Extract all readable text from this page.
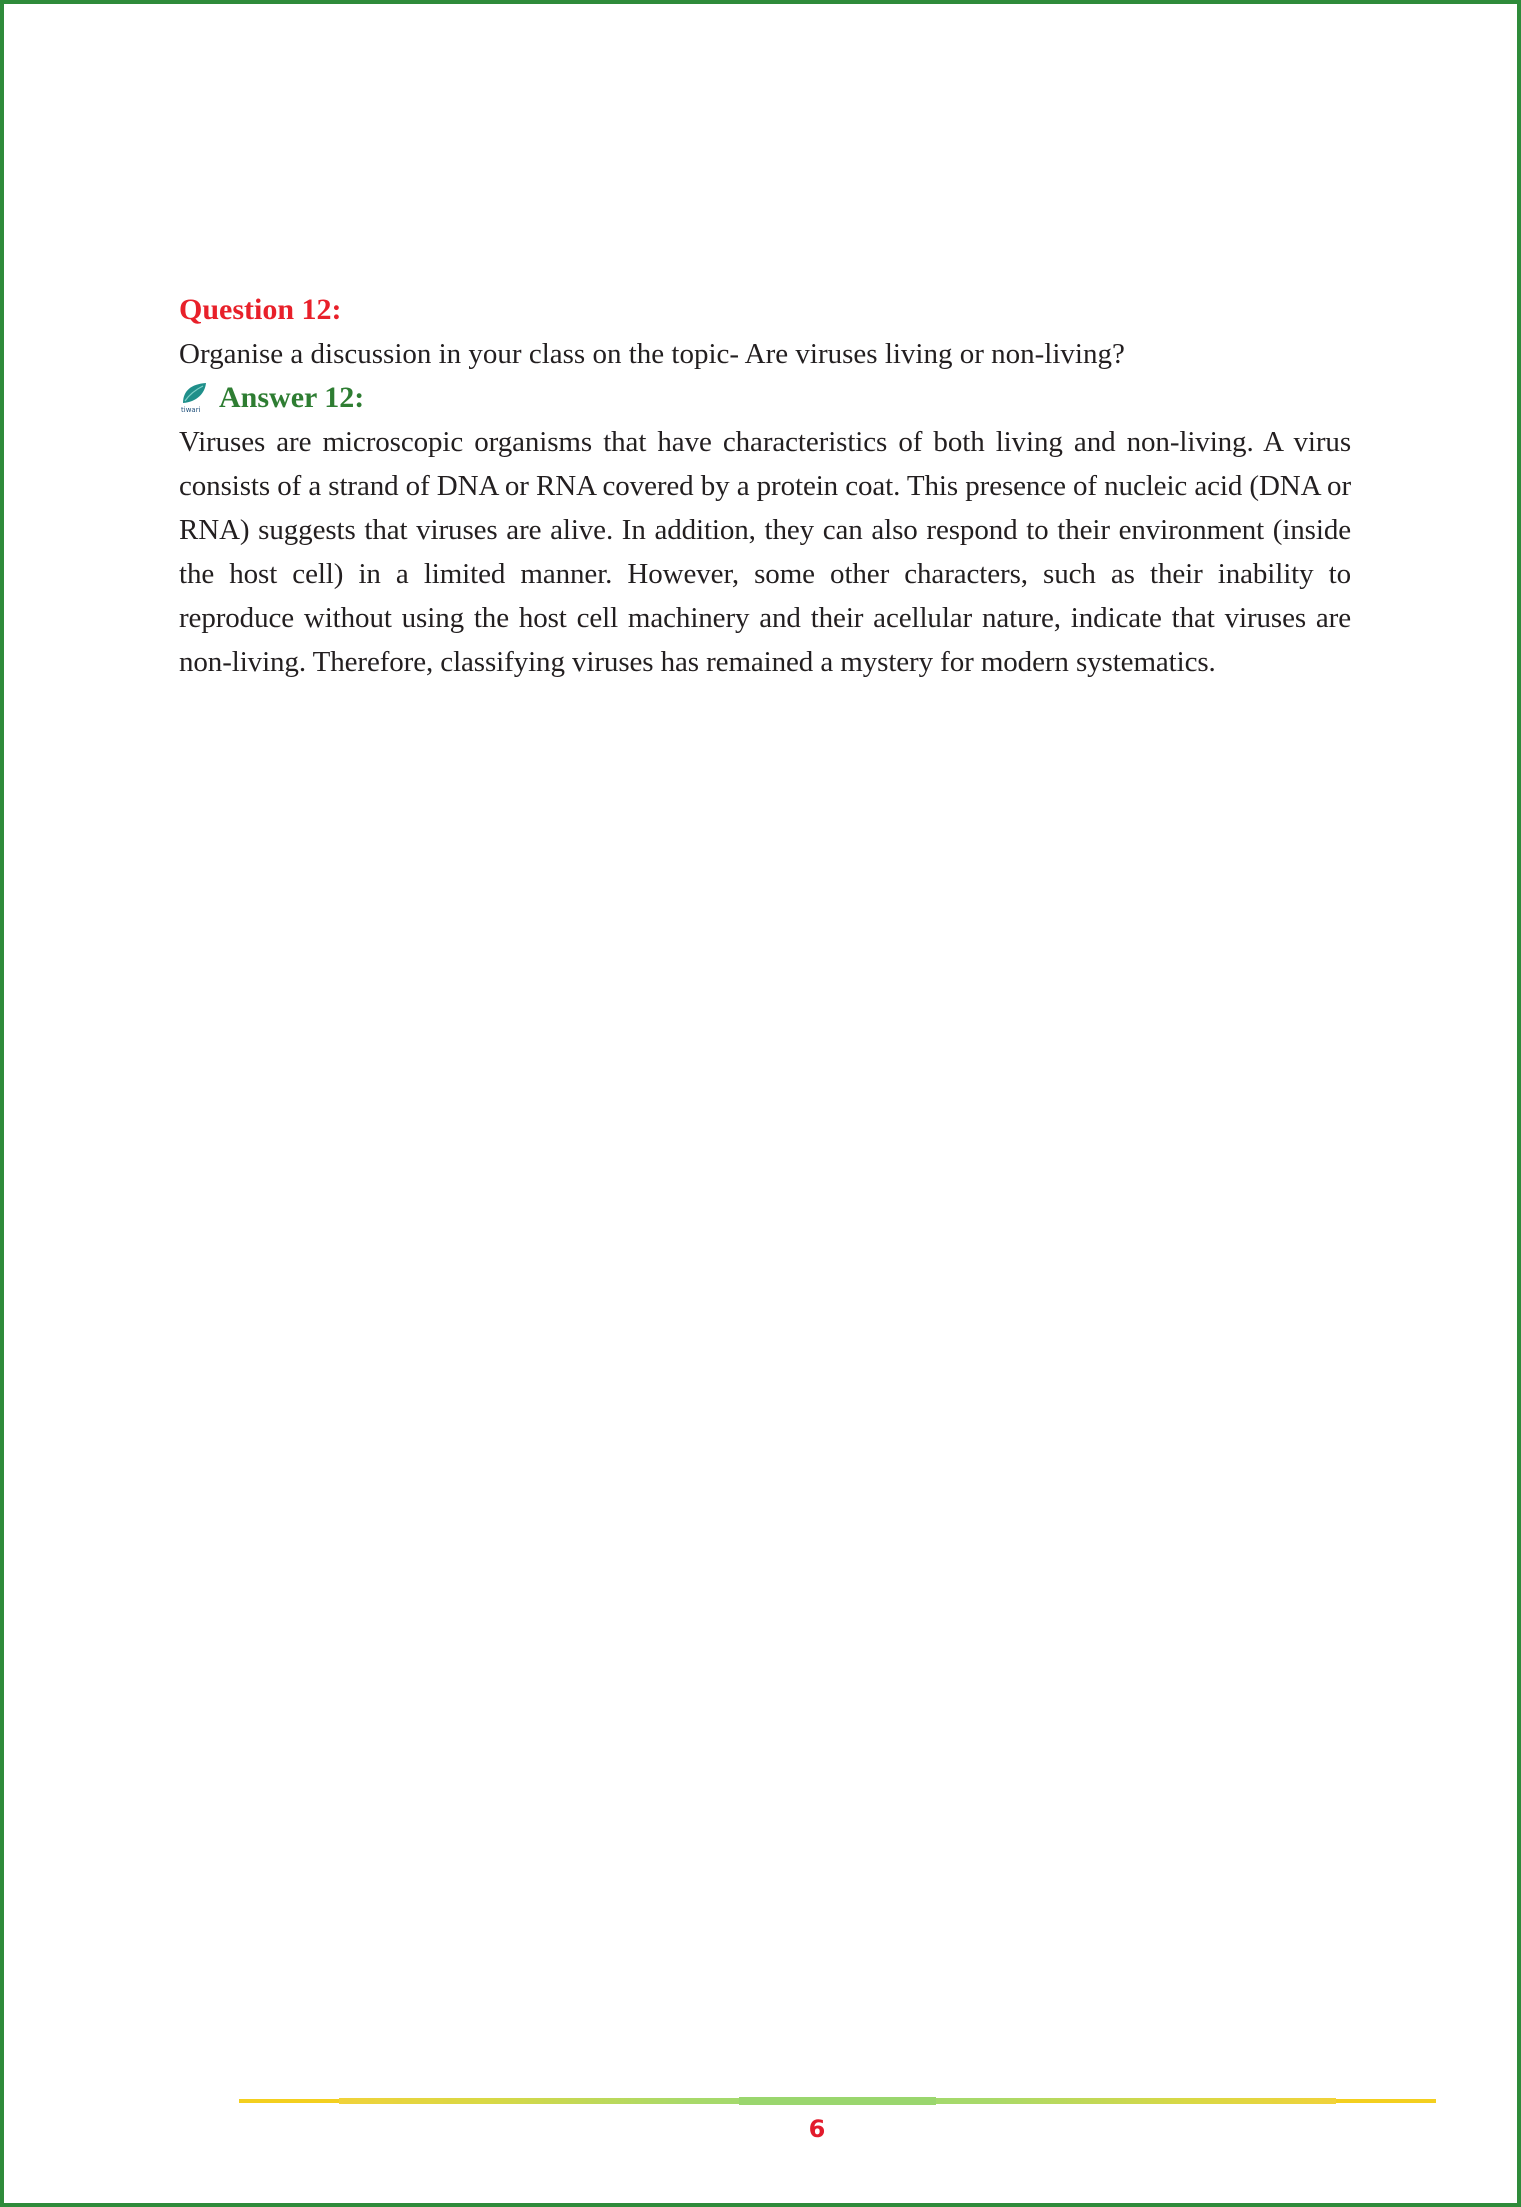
Question 12:

Organise a discussion in your class on the topic- Are viruses living or non-living?

tiwari Answer 12:

Viruses are microscopic organisms that have characteristics of both living and non-living. A virus consists of a strand of DNA or RNA covered by a protein coat. This presence of nucleic acid (DNA or RNA) suggests that viruses are alive. In addition, they can also respond to their environment (inside the host cell) in a limited manner. However, some other characters, such as their inability to reproduce without using the host cell machinery and their acellular nature, indicate that viruses are non-living. Therefore, classifying viruses has remained a mystery for modern systematics.

6
